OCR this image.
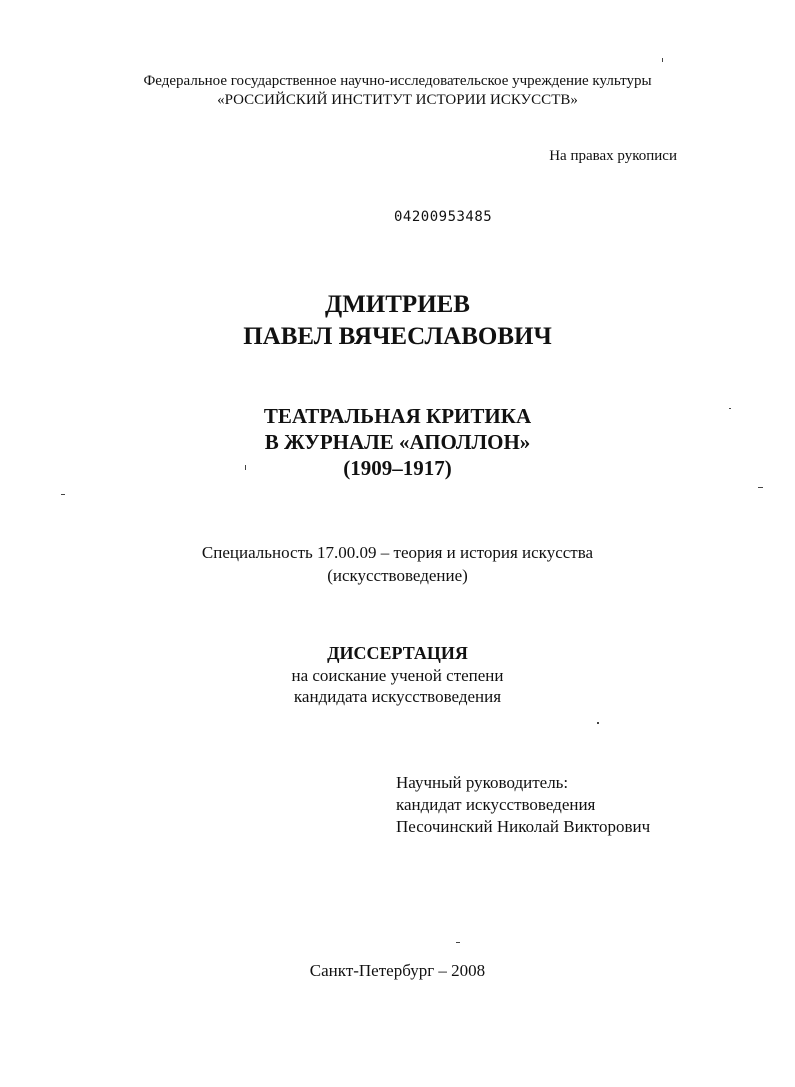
Федеральное государственное научно-исследовательское учреждение культуры
«РОССИЙСКИЙ ИНСТИТУТ ИСТОРИИ ИСКУССТВ»
На правах рукописи
04200953485
ДМИТРИЕВ
ПАВЕЛ ВЯЧЕСЛАВОВИЧ
ТЕАТРАЛЬНАЯ КРИТИКА
В ЖУРНАЛЕ «АПОЛЛОН»
(1909–1917)
Специальность 17.00.09 – теория и история искусства
(искусствоведение)
ДИССЕРТАЦИЯ
на соискание ученой степени
кандидата искусствоведения
Научный руководитель:
кандидат искусствоведения
Песочинский Николай Викторович
Санкт-Петербург – 2008
